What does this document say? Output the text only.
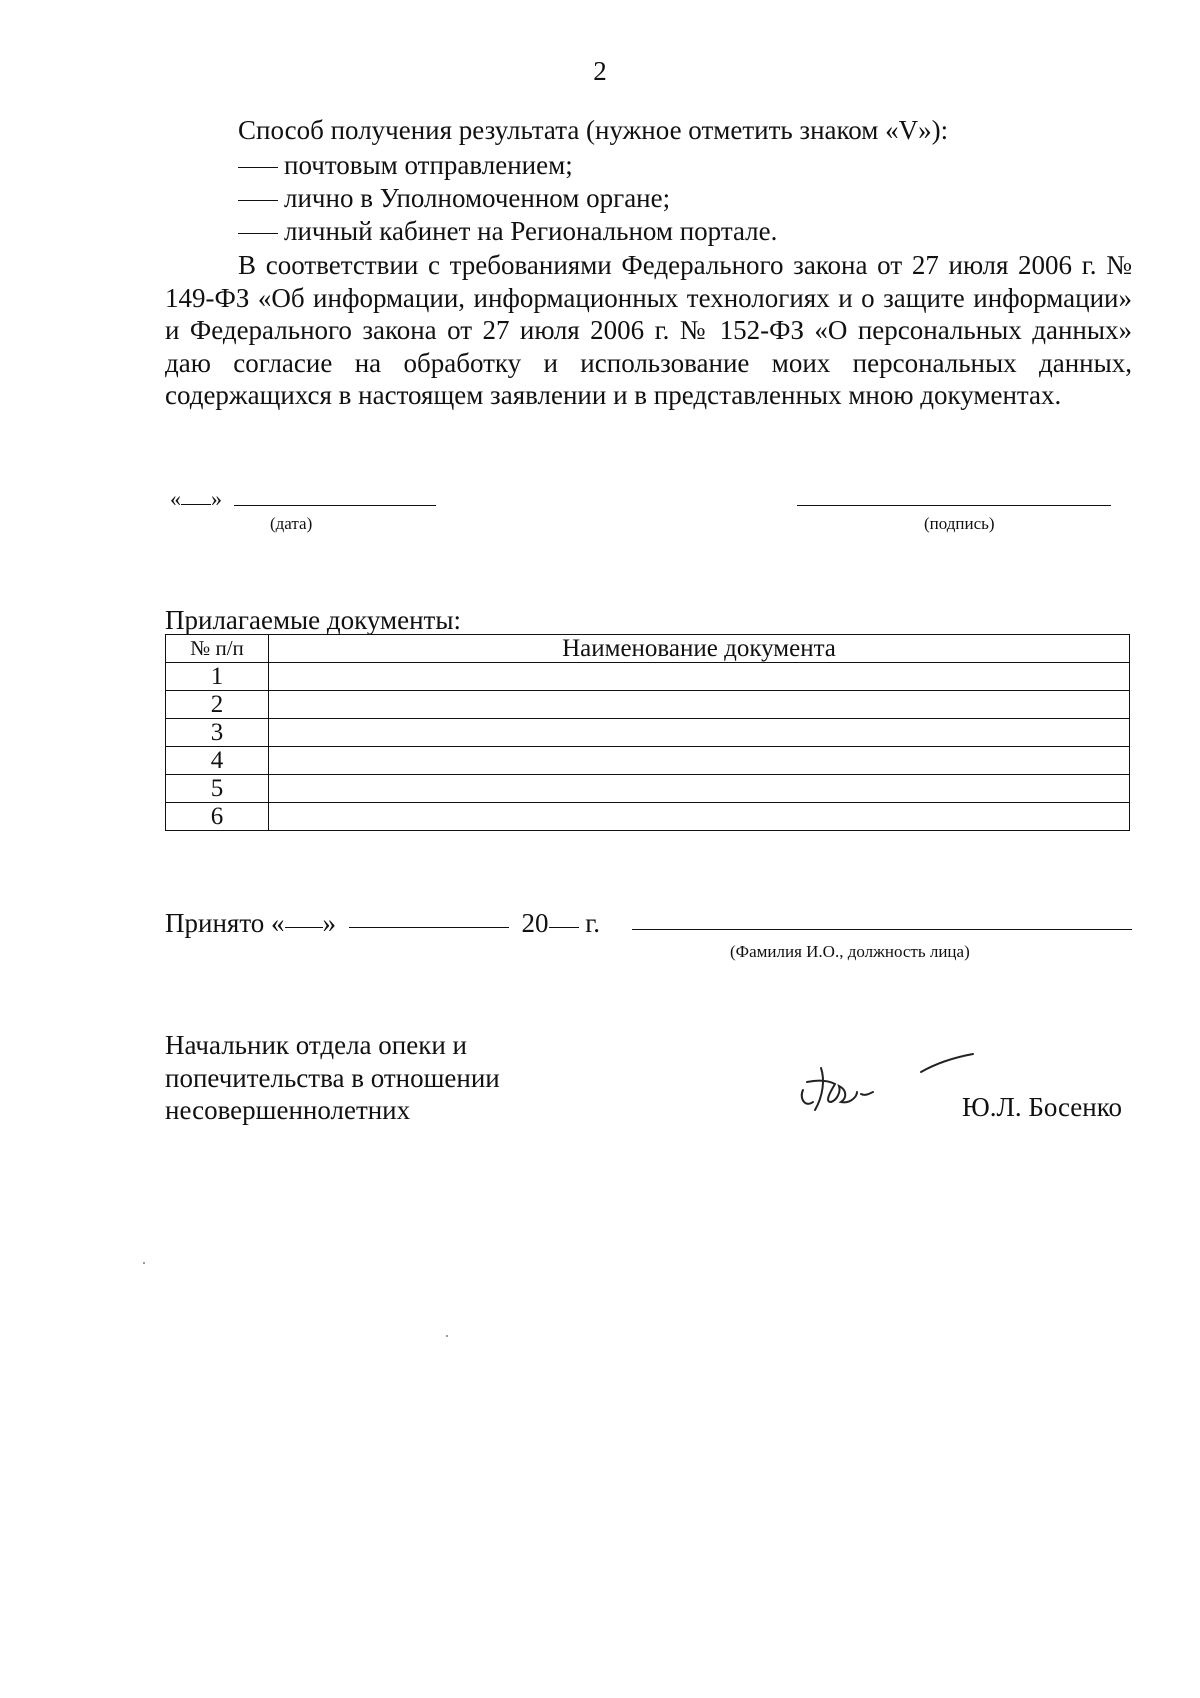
2
Способ получения результата (нужное отметить знаком «V»):
почтовым отправлением;
лично в Уполномоченном органе;
личный кабинет на Региональном портале.
В соответствии с требованиями Федерального закона от 27 июля 2006 г. № 149-ФЗ «Об информации, информационных технологиях и о защите информации» и Федерального закона от 27 июля 2006 г. № 152-ФЗ «О персональных данных» даю согласие на обработку и использование моих персональных данных, содержащихся в настоящем заявлении и в представленных мною документах.
« »
(дата)	(подпись)
Прилагаемые документы:
№ п/п	Наименование документа
1	
2	
3	
4	
5	
6	
Принято « »	20 г.
(Фамилия И.О., должность лица)
Начальник отдела опеки и попечительства в отношении несовершеннолетних	Ю.Л. Босенко
